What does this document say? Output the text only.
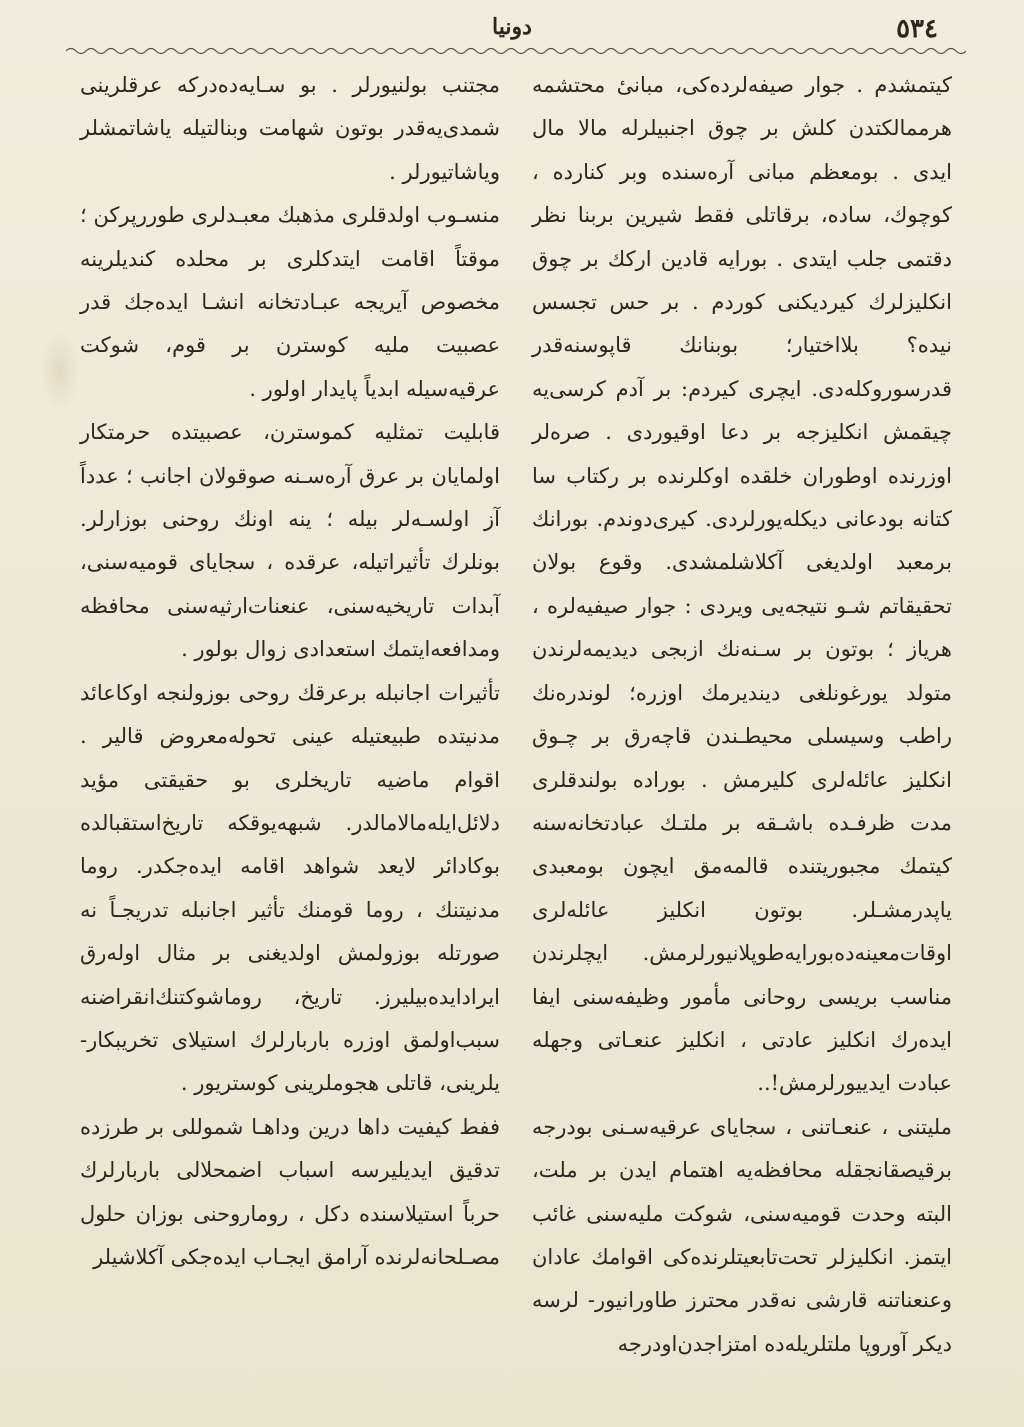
دونیا	٥٣٤

کیتمشدم . جوار صیفه‌لرده‌کی، مبانیٔ محتشمه هرممالکتدن کلش بر چوق اجنبیلرله مالا مال ایدی . بومعظم مبانی آره‌سنده وبر کنارده ، کوچوك، ساده، برقاتلی فقط شیرین بربنا نظر دقتمی جلب ایتدی . بورایه قادین ارکك بر چوق انکلیزلرك کیردیکنی کوردم . بر حس تجسس نیده؟ بلااختیار؛ بوبنانك قاپوسنه‌قدر قدرسوروکله‌دی. ایچری کیردم: بر آدم کرسی‌یه چیقمش انکلیزجه بر دعا اوقیوردی . صره‌لر اوزرنده اوطوران خلقده اوکلرنده بر رکتاب سا کتانه بودعانی دیکله‌یورلردی. کیری‌دوندم. بورانك برمعبد اولدیغی آکلاشلمشدی. وقوع بولان تحقیقاتم شـو نتیجه‌یی ویردی : جوار صیفیه‌لره ، هریاز ؛ بوتون بر سـنه‌نك ازبجی دیدیمه‌لرندن متولد یورغونلغی دیندیرمك اوزره؛ لوندره‌نك راطب وسیسلی محیطـندن قاچه‌رق بر چـوق انکلیز عائله‌لری کلیرمش . بوراده بولندقلری مدت ظرفـده باشـقه بر ملتـك عبادتخانه‌سنه کیتمك مجبوریتنده قالمه‌مق ایچون بومعبدی یاپدرمشـلر. بوتون انکلیز عائله‌لری اوقات‌معینه‌ده‌بورایه‌طوپلانیورلرمش. ایچلرندن مناسب بریسی روحانی مأمور وظیفه‌سنی ایفا ایده‌رك انکلیز عادتی ، انکلیز عنعـاتی وجهله عبادت ایدییورلرمش!..

ملیتنی ، عنعـاتنی ، سجایای عرقیه‌سـنی بودرجه برقیصقانجقله محافظه‌یه اهتمام ایدن بر ملت، البته وحدت قومیه‌سنی، شوکت ملیه‌سنی غائب ایتمز. انکلیزلر تحت‌تابعیتلرنده‌کی اقوامك عادان وعنعناتنه قارشی نه‌قدر محترز طاورانیور- لرسه دیکر آوروپا ملتلریله‌ده امتزاجدن‌اودرجه

مجتنب بولنیورلر . بو سـایه‌ده‌درکه عرقلرینی شمدی‌یه‌قدر بوتون شهامت وبنالتیله یاشاتمشلر ویاشاتیورلر .

منسـوب اولدقلری مذهبك معبـدلری طوررپرکن ؛ موقتاً اقامت ایتدکلری بر محلده کندیلرینه مخصوص آیریجه عبـادتخانه انشـا ایده‌جك قدر عصبیت ملیه کوسترن بر قوم، شوکت عرقیه‌سیله ابدیاً پایدار اولور .

قابلیت تمثلیه کموسترن، عصبیتده حرمتکار اولمایان بر عرق آره‌سـنه صوقولان اجانب ؛ عدداً آز اولسـه‌لر بیله ؛ ینه اونك روحنی بوزارلر. بونلرك تأثیراتیله، عرقده ، سجایای قومیه‌سنی، آبدات تاریخیه‌سنی، عنعنات‌ارثیه‌سنی محافظه ومدافعه‌ایتمك استعدادی زوال بولور .

تأثیرات اجانبله برعرقك روحی بوزولنجه اوکاعائد مدنیتده طبیعتیله عینی تحوله‌معروض قالیر . اقوام ماضیه تاریخلری بو حقیقتی مؤید دلائل‌ایله‌مالامالدر. شبهه‌یوقکه تاریخ‌استقبالده بوکادائر لایعد شواهد اقامه ایده‌جکدر. روما مدنیتنك ، روما قومنك تأثیر اجانبله تدریجـاً نه صورتله بوزولمش اولدیغنی بر مثال اوله‌رق ایرادایده‌بیلیرز. تاریخ، روماشوکتنك‌انقراضنه سبب‌اولمق اوزره باربارلرك استیلای تخریبکار- یلرینی، قاتلی هجوملرینی کوستریور .

ففط کیفیت داها درین وداهـا شموللی بر طرزده تدقیق ایدیلیرسه اسباب اضمحلالی باربارلرك حرباً استیلاسنده دکل ، روماروحنی بوزان حلول مصـلحانه‌لرنده آرامق ایجـاب ایده‌جکی آکلاشیلر
